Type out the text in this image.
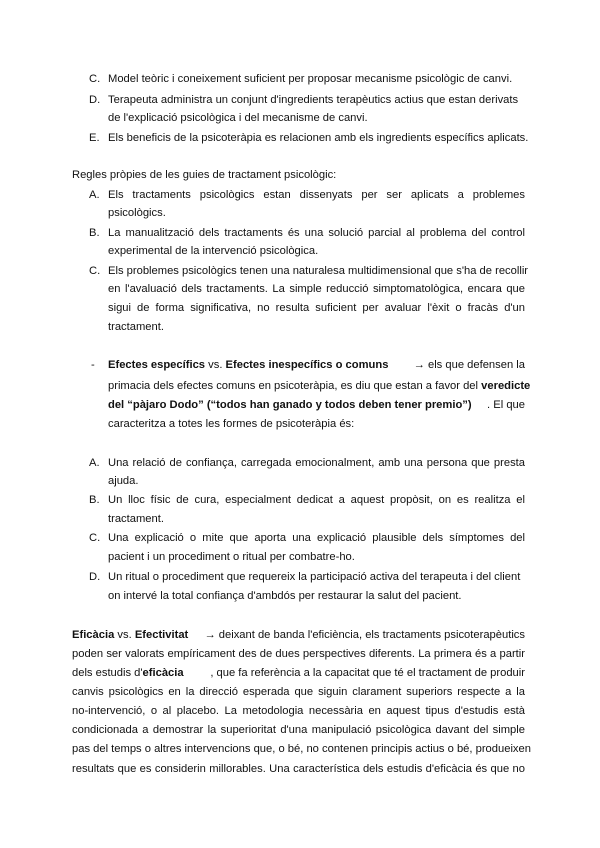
C. Model teòric i coneixement suficient per proposar mecanisme psicològic de canvi.
D. Terapeuta administra un conjunt d'ingredients terapèutics actius que estan derivats
de l'explicació psicològica i del mecanisme de canvi.
E. Els beneficis de la psicoteràpia es relacionen amb els ingredients específics aplicats.
Regles pròpies de les guies de tractament psicològic:
A. Els tractaments psicològics estan dissenyats per ser aplicats a problemes
psicològics.
B. La manualització dels tractaments és una solució parcial al problema del control
experimental de la intervenció psicològica.
C. Els problemes psicològics tenen una naturalesa multidimensional que s'ha de recollir
en l'avaluació dels tractaments. La simple reducció simptomatològica, encara que
sigui de forma significativa, no resulta suficient per avaluar l'èxit o fracàs d'un
tractament.
- Efectes específics vs. Efectes inespecífics o comuns → els que defensen la
primacia dels efectes comuns en psicoteràpia, es diu que estan a favor del veredicte
del “pàjaro Dodo” (“todos han ganado y todos deben tener premio”) . El que
caracteritza a totes les formes de psicoteràpia és:
A. Una relació de confiança, carregada emocionalment, amb una persona que presta
ajuda.
B. Un lloc físic de cura, especialment dedicat a aquest propòsit, on es realitza el
tractament.
C. Una explicació o mite que aporta una explicació plausible dels símptomes del
pacient i un procediment o ritual per combatre-ho.
D. Un ritual o procediment que requereix la participació activa del terapeuta i del client
on intervé la total confiança d'ambdós per restaurar la salut del pacient.
Eficàcia vs. Efectivitat → deixant de banda l'eficiència, els tractaments psicoterapèutics
poden ser valorats empíricament des de dues perspectives diferents. La primera és a partir
dels estudis d'eficàcia , que fa referència a la capacitat que té el tractament de produir
canvis psicològics en la direcció esperada que siguin clarament superiors respecte a la
no-intervenció, o al placebo. La metodologia necessària en aquest tipus d'estudis està
condicionada a demostrar la superioritat d'una manipulació psicològica davant del simple
pas del temps o altres intervencions que, o bé, no contenen principis actius o bé, produeixen
resultats que es considerin millorables. Una característica dels estudis d'eficàcia és que no
